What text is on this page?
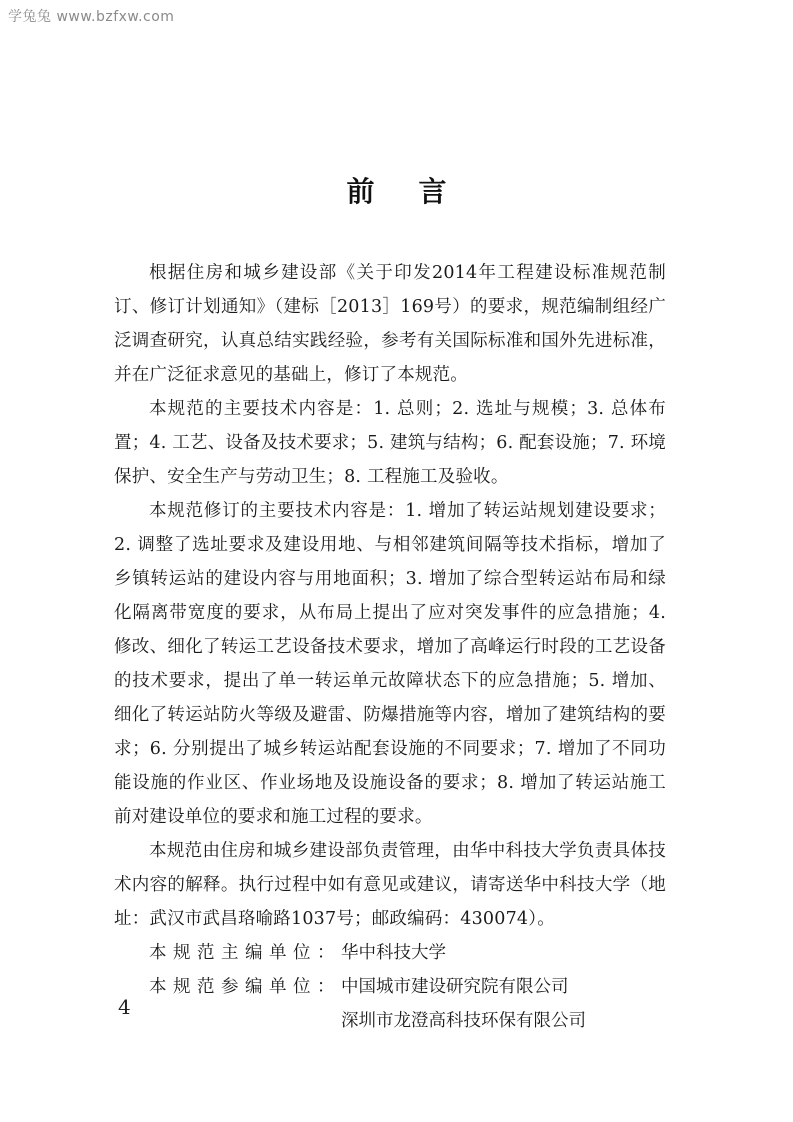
学兔兔 www.bzfxw.com
前言

根据住房和城乡建设部《关于印发2014年工程建设标准规范制订、修订计划通知》（建标［2013］169号）的要求，规范编制组经广泛调查研究，认真总结实践经验，参考有关国际标准和国外先进标准，并在广泛征求意见的基础上，修订了本规范。

本规范的主要技术内容是：1. 总则；2. 选址与规模；3. 总体布置；4. 工艺、设备及技术要求；5. 建筑与结构；6. 配套设施；7. 环境保护、安全生产与劳动卫生；8. 工程施工及验收。

本规范修订的主要技术内容是：1. 增加了转运站规划建设要求；2. 调整了选址要求及建设用地、与相邻建筑间隔等技术指标，增加了乡镇转运站的建设内容与用地面积；3. 增加了综合型转运站布局和绿化隔离带宽度的要求，从布局上提出了应对突发事件的应急措施；4. 修改、细化了转运工艺设备技术要求，增加了高峰运行时段的工艺设备的技术要求，提出了单一转运单元故障状态下的应急措施；5. 增加、细化了转运站防火等级及避雷、防爆措施等内容，增加了建筑结构的要求；6. 分别提出了城乡转运站配套设施的不同要求；7. 增加了不同功能设施的作业区、作业场地及设施设备的要求；8. 增加了转运站施工前对建设单位的要求和施工过程的要求。

本规范由住房和城乡建设部负责管理，由华中科技大学负责具体技术内容的解释。执行过程中如有意见或建议，请寄送华中科技大学（地址：武汉市武昌珞喻路1037号；邮政编码：430074）。

本规范主编单位： 华中科技大学
本规范参编单位： 中国城市建设研究院有限公司
深圳市龙澄高科技环保有限公司
4
